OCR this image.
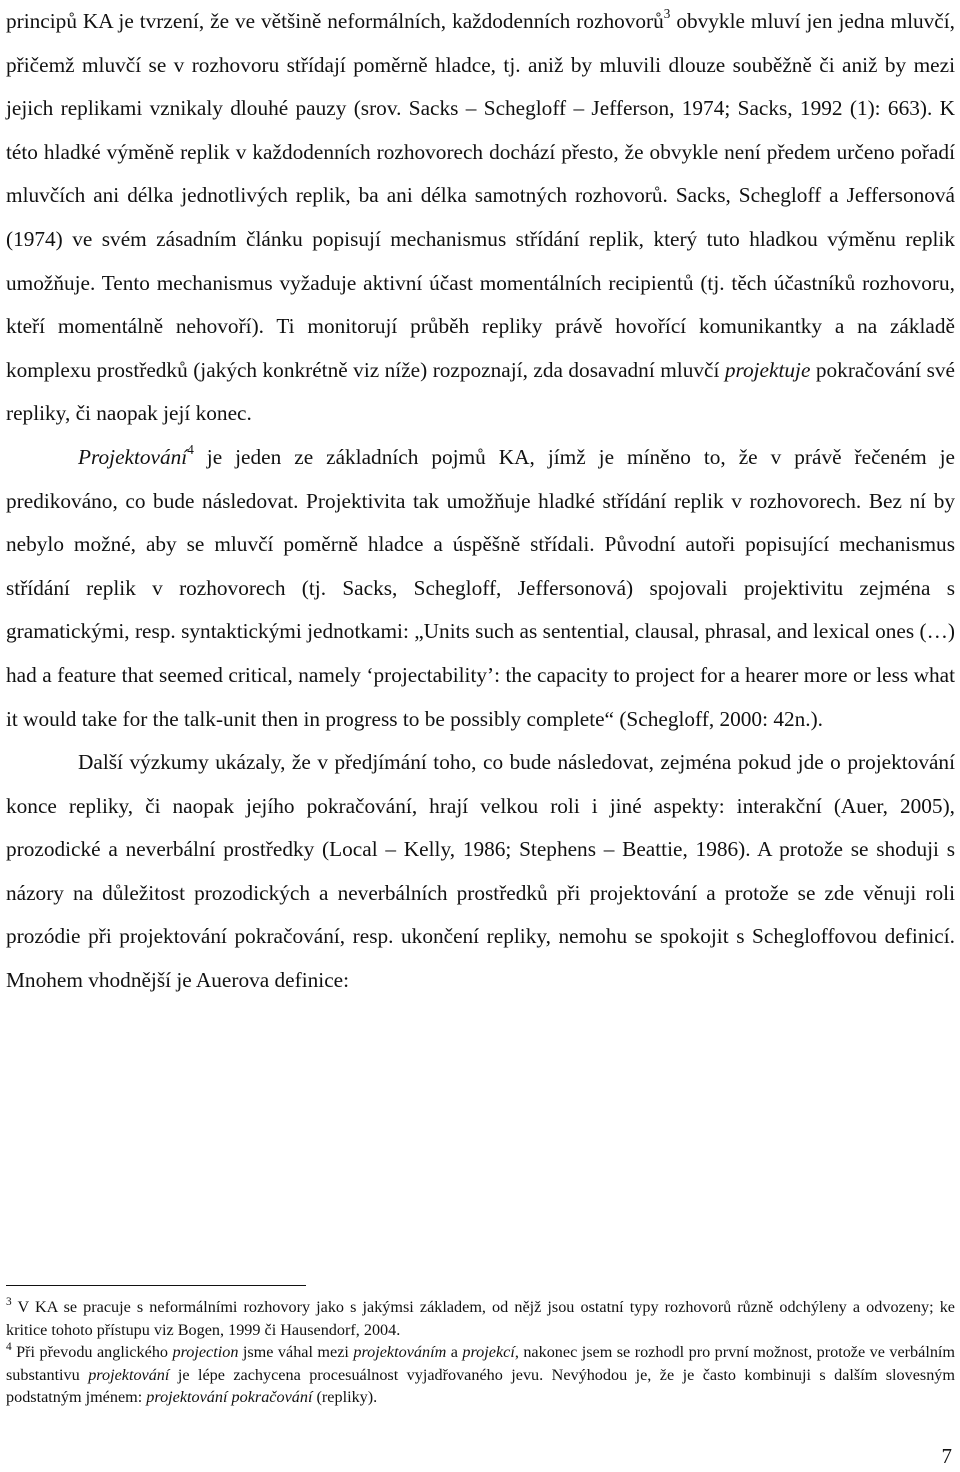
principů KA je tvrzení, že ve většině neformálních, každodenních rozhovorů$^3$ obvykle mluví jen jedna mluvčí, přičemž mluvčí se v rozhovoru střídají poměrně hladce, tj. aniž by mluvili dlouze souběžně či aniž by mezi jejich replikami vznikaly dlouhé pauzy (srov. Sacks – Schegloff – Jefferson, 1974; Sacks, 1992 (1): 663). K této hladké výměně replik v každodenních rozhovorech dochází přesto, že obvykle není předem určeno pořadí mluvčích ani délka jednotlivých replik, ba ani délka samotných rozhovorů. Sacks, Schegloff a Jeffersonová (1974) ve svém zásadním článku popisují mechanismus střídání replik, který tuto hladkou výměnu replik umožňuje. Tento mechanismus vyžaduje aktivní účast momentálních recipientů (tj. těch účastníků rozhovoru, kteří momentálně nehovoří). Ti monitorují průběh repliky právě hovořící komunikantky a na základě komplexu prostředků (jakých konkrétně viz níže) rozpoznají, zda dosavadní mluvčí projektuje pokračování své repliky, či naopak její konec.

Projektování$^4$ je jeden ze základních pojmů KA, jímž je míněno to, že v právě řečeném je predikováno, co bude následovat. Projektivita tak umožňuje hladké střídání replik v rozhovorech. Bez ní by nebylo možné, aby se mluvčí poměrně hladce a úspěšně střídali. Původní autoři popisující mechanismus střídání replik v rozhovorech (tj. Sacks, Schegloff, Jeffersonová) spojovali projektivitu zejména s gramatickými, resp. syntaktickými jednotkami: „Units such as sentential, clausal, phrasal, and lexical ones (…) had a feature that seemed critical, namely ‘projectability’: the capacity to project for a hearer more or less what it would take for the talk-unit then in progress to be possibly complete“ (Schegloff, 2000: 42n.).

Další výzkumy ukázaly, že v předjímání toho, co bude následovat, zejména pokud jde o projektování konce repliky, či naopak jejího pokračování, hrají velkou roli i jiné aspekty: interakční (Auer, 2005), prozodické a neverbální prostředky (Local – Kelly, 1986; Stephens – Beattie, 1986). A protože se shoduji s názory na důležitost prozodických a neverbálních prostředků při projektování a protože se zde věnuji roli prozódie při projektování pokračování, resp. ukončení repliky, nemohu se spokojit s Schegloffovou definicí. Mnohem vhodnější je Auerova definice:

$^3$ V KA se pracuje s neformálními rozhovory jako s jakýmsi základem, od nějž jsou ostatní typy rozhovorů různě odchýleny a odvozeny; ke kritice tohoto přístupu viz Bogen, 1999 či Hausendorf, 2004.

$^4$ Při převodu anglického projection jsme váhal mezi projektováním a projekcí, nakonec jsem se rozhodl pro první možnost, protože ve verbálním substantivu projektování je lépe zachycena procesuálnost vyjadřovaného jevu. Nevýhodou je, že je často kombinuji s dalším slovesným podstatným jménem: projektování pokračování (repliky).

7
